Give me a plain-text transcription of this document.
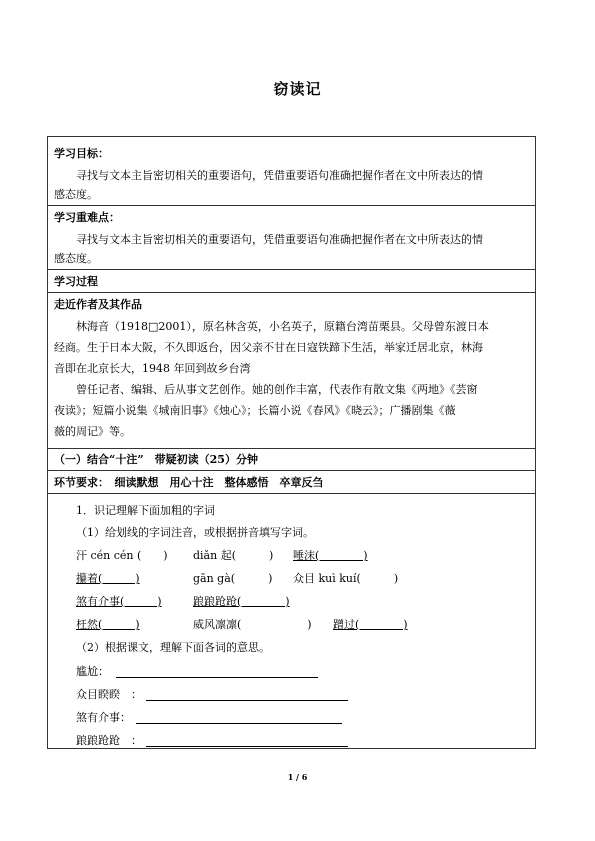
窃读记
学习目标：
寻找与文本主旨密切相关的重要语句，凭借重要语句准确把握作者在文中所表达的情
感态度。
学习重难点：
寻找与文本主旨密切相关的重要语句，凭借重要语句准确把握作者在文中所表达的情
感态度。
学习过程
走近作者及其作品
林海音（1918□2001），原名林含英，小名英子，原籍台湾苗栗县。父母曾东渡日本
经商。生于日本大阪，不久即返台，因父亲不甘在日寇铁蹄下生活，举家迁居北京，林海
音即在北京长大，1948 年回到故乡台湾
曾任记者、编辑、后从事文艺创作。她的创作丰富，代表作有散文集《两地》《芸窗
夜读》；短篇小说集《城南旧事》《烛心》；长篇小说《春风》《晓云》；广播剧集《薇
薇的周记》等。
（一）结合“十注”　带疑初读（25）分钟
环节要求：　细读默想　用心十注　整体感悟　卒章反刍
1．识记理解下面加粗的字词
（1）给划线的字词注音，或根据拼音填写字词。
汗 cén cén (　　) diǎn 起(　　　) 唾沫(　　　　)
攥着(　　　)	gān gà(　　　) 众目 kuì kuí(　　　)
煞有介事(　　　)	踉踉跄跄(　　　　)
枉然(　　　)	威风凛凛(　　　　　　) 蹭过(　　　　)
（2）根据课文，理解下面各词的意思。
尴尬：
众目睽睽　：
煞有介事：
踉踉跄跄　：
1 / 6
